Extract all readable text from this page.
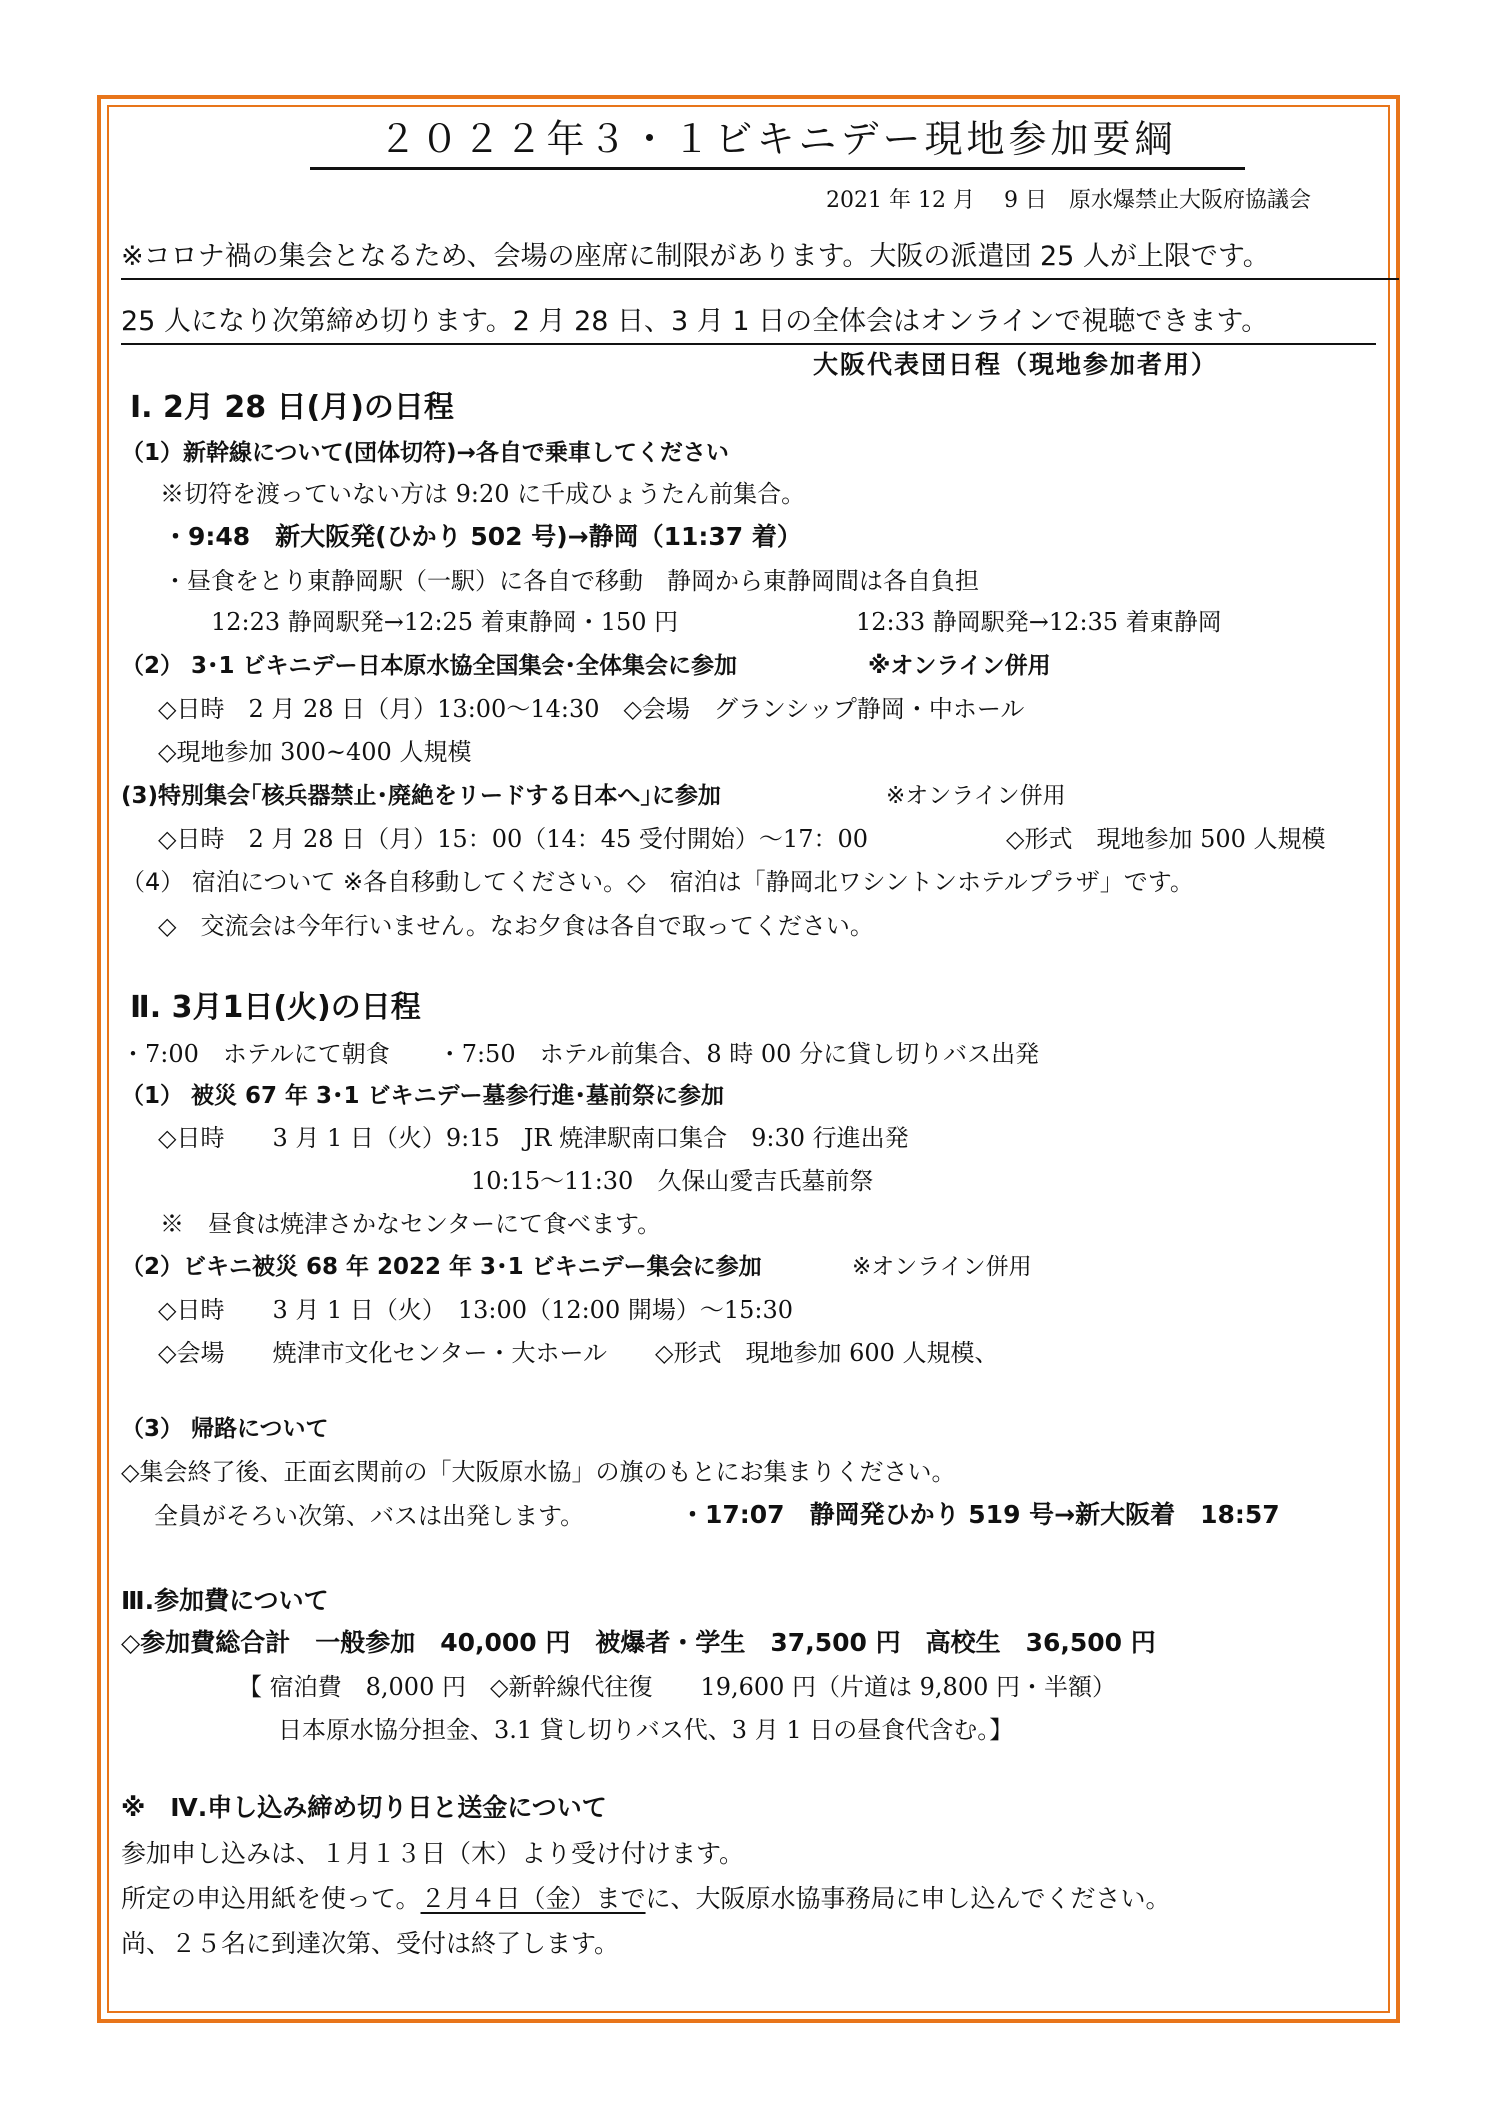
２０２２年３・１ビキニデー現地参加要綱
2021 年 12 月　 9 日　原水爆禁止大阪府協議会
※コロナ禍の集会となるため、会場の座席に制限があります。大阪の派遣団 25 人が上限です。
25 人になり次第締め切ります。2 月 28 日、3 月 1 日の全体会はオンラインで視聴できます。
大阪代表団日程（現地参加者用）
Ⅰ. 2月 28 日(月)の日程
（1）新幹線について(団体切符)→各自で乗車してください
※切符を渡っていない方は 9:20 に千成ひょうたん前集合。
・9:48　新大阪発(ひかり 502 号)→静岡（11:37 着）
・昼食をとり東静岡駅（一駅）に各自で移動　静岡から東静岡間は各自負担
12:23 静岡駅発→12:25 着東静岡・150 円	12:33 静岡駅発→12:35 着東静岡
（2） 3･1 ビキニデー日本原水協全国集会･全体集会に参加	※オンライン併用
◇日時　2 月 28 日（月）13:00～14:30　◇会場　グランシップ静岡・中ホール
◇現地参加 300~400 人規模
(3)特別集会｢核兵器禁止･廃絶をリードする日本へ｣に参加	※オンライン併用
◇日時　2 月 28 日（月）15：00（14：45 受付開始）～17：00	◇形式　現地参加 500 人規模
（4） 宿泊について ※各自移動してください。◇　宿泊は「静岡北ワシントンホテルプラザ」です。
◇　交流会は今年行いません。なお夕食は各自で取ってください。
Ⅱ. 3月1日(火)の日程
・7:00　ホテルにて朝食　　・7:50　ホテル前集合、8 時 00 分に貸し切りバス出発
（1） 被災 67 年 3･1 ビキニデー墓参行進･墓前祭に参加
◇日時　　3 月 1 日（火）9:15　JR 焼津駅南口集合　9:30 行進出発
10:15～11:30　久保山愛吉氏墓前祭
※　昼食は焼津さかなセンターにて食べます。
（2）ビキニ被災 68 年 2022 年 3･1 ビキニデー集会に参加	※オンライン併用
◇日時　　3 月 1 日（火）　13:00（12:00 開場）～15:30
◇会場　　焼津市文化センター・大ホール　　◇形式　現地参加 600 人規模、
（3） 帰路について
◇集会終了後、正面玄関前の「大阪原水協」の旗のもとにお集まりください。
全員がそろい次第、バスは出発します。	・17:07　静岡発ひかり 519 号→新大阪着　18:57
Ⅲ.参加費について
◇参加費総合計　一般参加　40,000 円　被爆者・学生　37,500 円　高校生　36,500 円
【 宿泊費　8,000 円　◇新幹線代往復　　19,600 円（片道は 9,800 円・半額）
日本原水協分担金、3.1 貸し切りバス代、3 月 1 日の昼食代含む。】
※　Ⅳ.申し込み締め切り日と送金について
参加申し込みは、１月１３日（木）より受け付けます。
所定の申込用紙を使って。２月４日（金）までに、大阪原水協事務局に申し込んでください。
尚、２５名に到達次第、受付は終了します。
